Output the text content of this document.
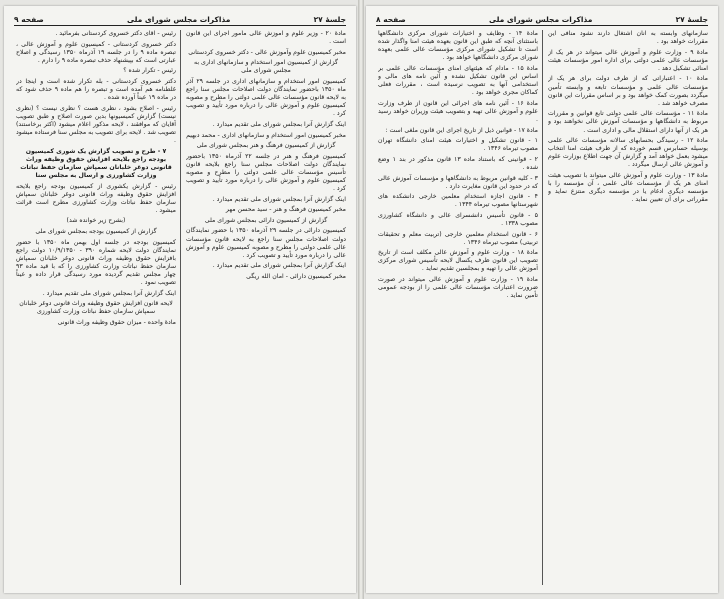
جلسهٔ ۲۷
مذاکرات مجلس شورای ملی
صفحه ۹

مادهٔ ۲۰ - وزیر علوم و آموزش عالی مأمور اجرای این قانون است .

مخبر کمیسیون علوم وآموزش عالی - دکتر خسروی کردستانی

گزارش از کمیسیون امور استخدام و سازمانهای اداری به مجلس شورای ملی

کمیسیون امور استخدام و سازمانهای اداری در جلسه ۲۹ آذر ماه ۱۳۵۰ باحضور نمایندگان دولت اصلاحات مجلس سنا راجع به لایحه قانون مؤسسات عالی علمی دولتی را مطرح و مصوبه کمیسیون علوم و آموزش عالی را درباره مورد تأیید و تصویب کرد .

اینک گزارش آنرا بمجلس شورای ملی تقدیم میدارد .

مخبر کمیسیون امور استخدام و سازمانهای اداری - محمد دبهیم

گزارش از کمیسیون فرهنگ و هنر بمجلس شورای ملی

کمیسیون فرهنگ و هنر در جلسه ۲۲ آذرماه ۱۳۵۰ باحضور نمایندگان دولت اصلاحات مجلس سنا راجع بلایحه قانون تأسیس مؤسسات عالی علمی دولتی را مطرح و مصوبه کمیسیون علوم و آموزش عالی را درباره مورد تأیید و تصویب کرد .

اینک گزارش آنرا بمجلس شورای ملی تقدیم میدارد .

مخبر کمیسیون فرهنگ و هنر - سید محسن مهر

گزارش از کمیسیون دارائی بمجلس شورای ملی

کمیسیون دارائی در جلسه ۲۹ آذرماه ۱۳۵۰ با حضور نمایندگان دولت اصلاحات مجلس سنا راجع به لایحه قانون مؤسسات عالی علمی دولتی را مطرح و مصوبه کمیسیون علوم و آموزش عالی را درباره مورد تأیید و تصویب کرد .

اینک گزارش آنرا بمجلس شورای ملی تقدیم میدارد .

مخبر کمیسیون دارائی - امان الله ریگی

رئیس - آقای دکتر خسروی کردستانی بفرمائید .

دکتر خسروی کردستانی - کمیسیون علوم و آموزش عالی ، تبصره ماده ۹ را در جلسه ۱۹ آذرماه ۱۳۵۰ رسیدگی و اصلاح عبارتی است که بپیشنهاد حذف تبصره ماده ۹ را دارم .

رئیس - تکرار شده ؟

دکتر خسروی کردستانی - بله تکرار شده است و اینجا در غلطنامه هم آمده است و تبصره را هم ماده ۹ حذف شود که در ماده ۱۹ عیناً آورده شده .

رئیس - اصلاح بشود ، نظری هست ؟ نظری نیست ؟ (نظری نیست) گزارش کمیسیونها بدین صورت اصلاح و طبق تصویب آقایان که موافقند ، لایحه مذکور اعلام میشود (اکثر برخاستند) تصویب شد . لایحه برای تصویب به مجلس سنا فرستاده میشود .

۷ - طرح و تصویب گزارش یک شوری کمیسیون بودجه راجع بلایحه افزایش حقوق وظیفه وراث قانونی دوغر خلبانان سمپاش سازمان حفظ نباتات وزارت کشاورزی و ارسال به مجلس سنا

رئیس - گزارش یکشوری از کمیسیون بودجه راجع بلایحه افزایش حقوق وظیفه وراث قانونی دوغر خلبانان سمپاش سازمان حفظ نباتات وزارت کشاورزی مطرح است قرائت میشود .

(بشرح زیر خوانده شد)

گزارش از کمیسیون بودجه بمجلس شورای ملی

کمیسیون بودجه در جلسه اول بهمن ماه ۱۳۵۰ با حضور نمایندگان دولت لایحه شماره ۳۹۰ - ۱۰/۹/۱۳۵۰ دولت راجع بافزایش حقوق وظیفه وراث قانونی دوغر خلبانان سمپاش سازمان حفظ نباتات وزارت کشاورزی را که با قید ماده ۹۳ چهار مجلس تقدیم گردیده مورد رسیدگی قرار داده و عیناً تصویب نمود .

اینک گزارش آنرا بمجلس شورای ملی تقدیم میدارد .

لایحه قانون افزایش حقوق وظیفه وراث قانونی دوغر خلبانان سمپاش سازمان حفظ نباتات وزارت کشاورزی

مادهٔ واحده - میزان حقوق وظیفه وراث قانونی

جلسهٔ ۲۷
مذاکرات مجلس شورای ملی
صفحه ۸

سازمانهای وابسته به آنان اشتغال دارند نشود منافی این مقررات خواهد بود .

مادهٔ ۹ - وزارت علوم و آموزش عالی میتواند در هر یک از مؤسسات عالی علمی دولتی برای اداره امور مؤسسات هیئت امنائی تشکیل دهد .

مادهٔ ۱۰ - اعتباراتی که از طرف دولت برای هر یک از مؤسسات عالی علمی و مؤسسات تابعه و وابسته تأمین میگردد بصورت کمک خواهد بود و بر اساس مقررات این قانون مصرف خواهد شد .

مادهٔ ۱۱ - مؤسسات عالی علمی دولتی تابع قوانین و مقررات مربوط به دانشگاهها و مؤسسات آموزش عالی نخواهند بود و هر یک از آنها دارای استقلال مالی و اداری است .

مادهٔ ۱۲ - رسیدگی بحسابهای سالانه مؤسسات عالی علمی بوسیله حسابرس قسم خورده که از طرف هیئت امنا انتخاب میشود بعمل خواهد آمد و گزارش آن جهت اطلاع بوزارت علوم و آموزش عالی ارسال میگردد .

مادهٔ ۱۳ - وزارت علوم و آموزش عالی میتواند با تصویب هیئت امنای هر یک از مؤسسات عالی علمی ، آن مؤسسه را با مؤسسه دیگری ادغام یا در مؤسسه دیگری منتزع نماید و مقرراتی برای آن تعیین نماید .

مادهٔ ۱۴ - وظایف و اختیارات شورای مرکزی دانشگاهها باستثنای آنچه که طبق این قانون بعهده هیئت امنا واگذار شده است تا تشکیل شورای مرکزی مؤسسات عالی علمی بعهده شورای مرکزی دانشگاهها خواهد بود .

مادهٔ ۱۵ - مادام که هیئتهای امنای مؤسسات عالی علمی بر اساس این قانون تشکیل نشده و آئین نامه های مالی و استخدامی آنها به تصویب نرسیده است ، مقررات فعلی کماکان مجری خواهد بود .

مادهٔ ۱۶ - آئین نامه های اجرائی این قانون از طرف وزارت علوم و آموزش عالی تهیه و بتصویب هیئت وزیران خواهد رسید .

مادهٔ ۱۷ - قوانین ذیل از تاریخ اجرای این قانون ملغی است :

۱ - قانون تشکیل و اختیارات هیئت امنای دانشگاه تهران مصوب تیرماه ۱۳۴۶ .

۲ - قوانینی که باستناد ماده ۱۳ قانون مذکور در بند ۱ وضع شده .

۳ - کلیه قوانین مربوط به دانشگاهها و مؤسسات آموزش عالی که در حدود این قانون مغایرت دارد .

۴ - قانون اجازه استخدام معلمین خارجی دانشکده های شهرستانها مصوب تیرماه ۱۳۴۴ .

۵ - قانون تأسیس دانشسرای عالی و دانشگاه کشاورزی مصوب ۱۳۳۸ .

۶ - قانون استخدام معلمین خارجی (تربیت معلم و تحقیقات تربیتی) مصوب تیرماه ۱۳۴۶ .

مادهٔ ۱۸ - وزارت علوم و آموزش عالی مکلف است از تاریخ تصویب این قانون ظرف یکسال لایحه تأسیس شورای مرکزی آموزش عالی را تهیه و بمجلسین تقدیم نماید .

مادهٔ ۱۹ - وزارت علوم و آموزش عالی میتواند در صورت ضرورت اعتبارات مؤسسات عالی علمی را از بودجه عمومی تأمین نماید .
